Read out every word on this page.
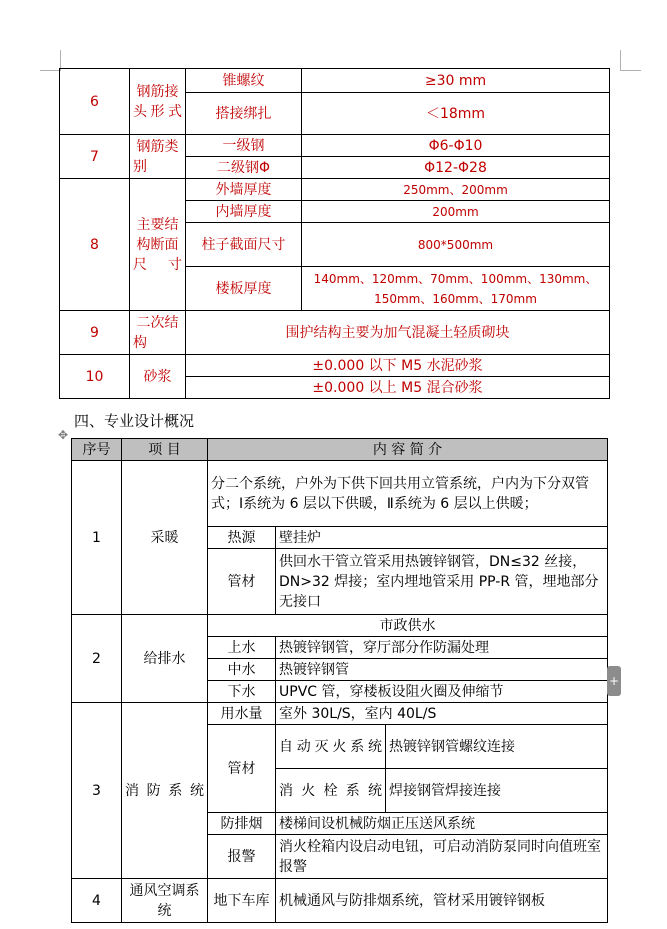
6	钢筋接头形式	锥螺纹	≥30 mm
		搭接绑扎	＜18mm
7	钢筋类别	一级钢	Φ6-Φ10
		二级钢Φ	Φ12-Φ28
8	主要结构断面尺寸	外墙厚度	250mm、200mm
		内墙厚度	200mm
		柱子截面尺寸	800*500mm
		楼板厚度	140mm、120mm、70mm、100mm、130mm、150mm、160mm、170mm
9	二次结构	围护结构主要为加气混凝土轻质砌块	
10	砂浆	±0.000 以下 M5 水泥砂浆	
		±0.000 以上 M5 混合砂浆	
四、专业设计概况
✥
序号	项 目	内 容 简 介		
1	采暖	分二个系统，户外为下供下回共用立管系统，户内为下分双管式；Ⅰ系统为 6 层以下供暖，Ⅱ系统为 6 层以上供暖；		
		热源	壁挂炉	
		管材	供回水干管立管采用热镀锌钢管，DN≤32 丝接，DN>32 焊接；室内埋地管采用 PP-R 管，埋地部分无接口	
2	给排水	市政供水		
		上水	热镀锌钢管，穿厅部分作防漏处理	
		中水	热镀锌钢管	
		下水	UPVC 管，穿楼板设阻火圈及伸缩节	
3	消防系统	用水量	室外 30L/S，室内 40L/S	
		管材	自动灭火系统	热镀锌钢管螺纹连接
			消火栓系统	焊接钢管焊接连接
		防排烟	楼梯间设机械防烟正压送风系统	
		报警	消火栓箱内设启动电钮，可启动消防泵同时向值班室报警	
4	通风空调系统	地下车库	机械通风与防排烟系统，管材采用镀锌钢板	
+
